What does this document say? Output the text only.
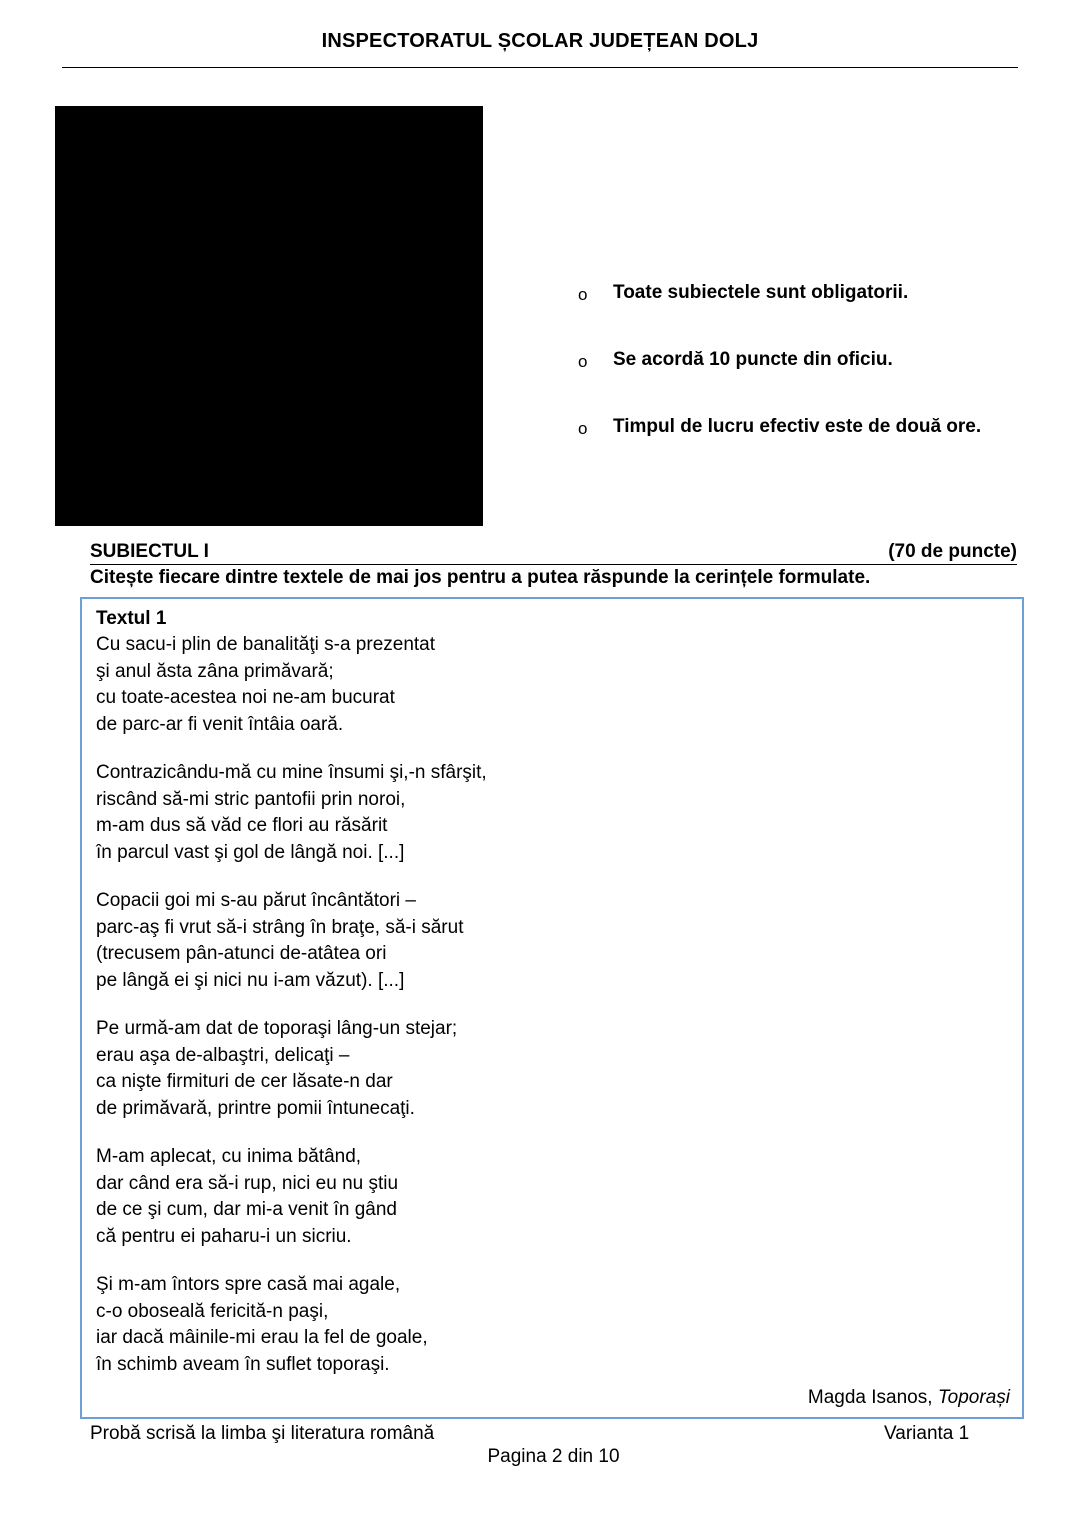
INSPECTORATUL ȘCOLAR JUDEȚEAN DOLJ
o Toate subiectele sunt obligatorii.
o Se acordă 10 puncte din oficiu.
o Timpul de lucru efectiv este de două ore.
SUBIECTUL I	(70 de puncte)
Citește fiecare dintre textele de mai jos pentru a putea răspunde la cerințele formulate.
Textul 1
Cu sacu-i plin de banalităţi s-a prezentat
şi anul ăsta zâna primăvară;
cu toate-acestea noi ne-am bucurat
de parc-ar fi venit întâia oară.
Contrazicându-mă cu mine însumi şi,-n sfârşit,
riscând să-mi stric pantofii prin noroi,
m-am dus să văd ce flori au răsărit
în parcul vast şi gol de lângă noi. [...]
Copacii goi mi s-au părut încântători –
parc-aş fi vrut să-i strâng în braţe, să-i sărut
(trecusem pân-atunci de-atâtea ori
pe lângă ei şi nici nu i-am văzut). [...]
Pe urmă-am dat de toporaşi lâng-un stejar;
erau aşa de-albaştri, delicaţi –
ca nişte firmituri de cer lăsate-n dar
de primăvară, printre pomii întunecaţi.
M-am aplecat, cu inima bătând,
dar când era să-i rup, nici eu nu ştiu
de ce şi cum, dar mi-a venit în gând
că pentru ei paharu-i un sicriu.
Şi m-am întors spre casă mai agale,
c-o oboseală fericită-n paşi,
iar dacă mâinile-mi erau la fel de goale,
în schimb aveam în suflet toporaşi.
Magda Isanos, Toporași
Probă scrisă la limba şi literatura română	Varianta 1
Pagina 2 din 10
